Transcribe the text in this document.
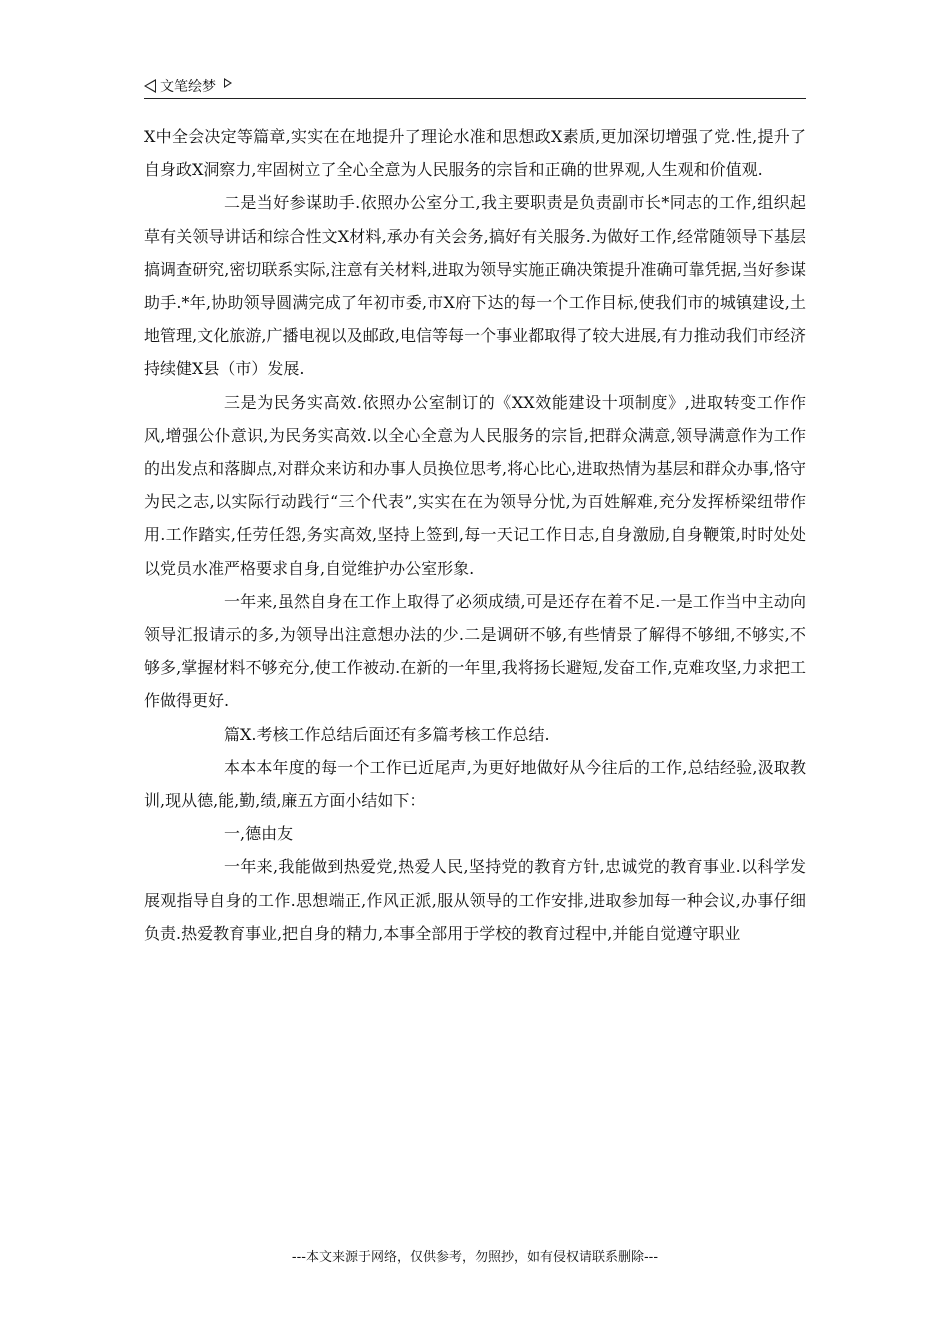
文笔绘梦

X中全会决定等篇章,实实在在地提升了理论水准和思想政X素质,更加深切增强了党.性,提升了自身政X洞察力,牢固树立了全心全意为人民服务的宗旨和正确的世界观,人生观和价值观.

二是当好参谋助手.依照办公室分工,我主要职责是负责副市长*同志的工作,组织起草有关领导讲话和综合性文X材料,承办有关会务,搞好有关服务.为做好工作,经常随领导下基层搞调查研究,密切联系实际,注意有关材料,进取为领导实施正确决策提升准确可靠凭据,当好参谋助手.*年,协助领导圆满完成了年初市委,市X府下达的每一个工作目标,使我们市的城镇建设,土地管理,文化旅游,广播电视以及邮政,电信等每一个事业都取得了较大进展,有力推动我们市经济持续健X县（市）发展.

三是为民务实高效.依照办公室制订的《XX效能建设十项制度》,进取转变工作作风,增强公仆意识,为民务实高效.以全心全意为人民服务的宗旨,把群众满意,领导满意作为工作的出发点和落脚点,对群众来访和办事人员换位思考,将心比心,进取热情为基层和群众办事,恪守为民之志,以实际行动践行“三个代表”,实实在在为领导分忧,为百姓解难,充分发挥桥梁纽带作用.工作踏实,任劳任怨,务实高效,坚持上签到,每一天记工作日志,自身激励,自身鞭策,时时处处以党员水准严格要求自身,自觉维护办公室形象.

一年来,虽然自身在工作上取得了必须成绩,可是还存在着不足.一是工作当中主动向领导汇报请示的多,为领导出注意想办法的少.二是调研不够,有些情景了解得不够细,不够实,不够多,掌握材料不够充分,使工作被动.在新的一年里,我将扬长避短,发奋工作,克难攻坚,力求把工作做得更好.

篇X.考核工作总结后面还有多篇考核工作总结.

本本本年度的每一个工作已近尾声,为更好地做好从今往后的工作,总结经验,汲取教训,现从德,能,勤,绩,廉五方面小结如下：

一,德由友

一年来,我能做到热爱党,热爱人民,坚持党的教育方针,忠诚党的教育事业.以科学发展观指导自身的工作.思想端正,作风正派,服从领导的工作安排,进取参加每一种会议,办事仔细负责.热爱教育事业,把自身的精力,本事全部用于学校的教育过程中,并能自觉遵守职业

---本文来源于网络，仅供参考，勿照抄，如有侵权请联系删除---
